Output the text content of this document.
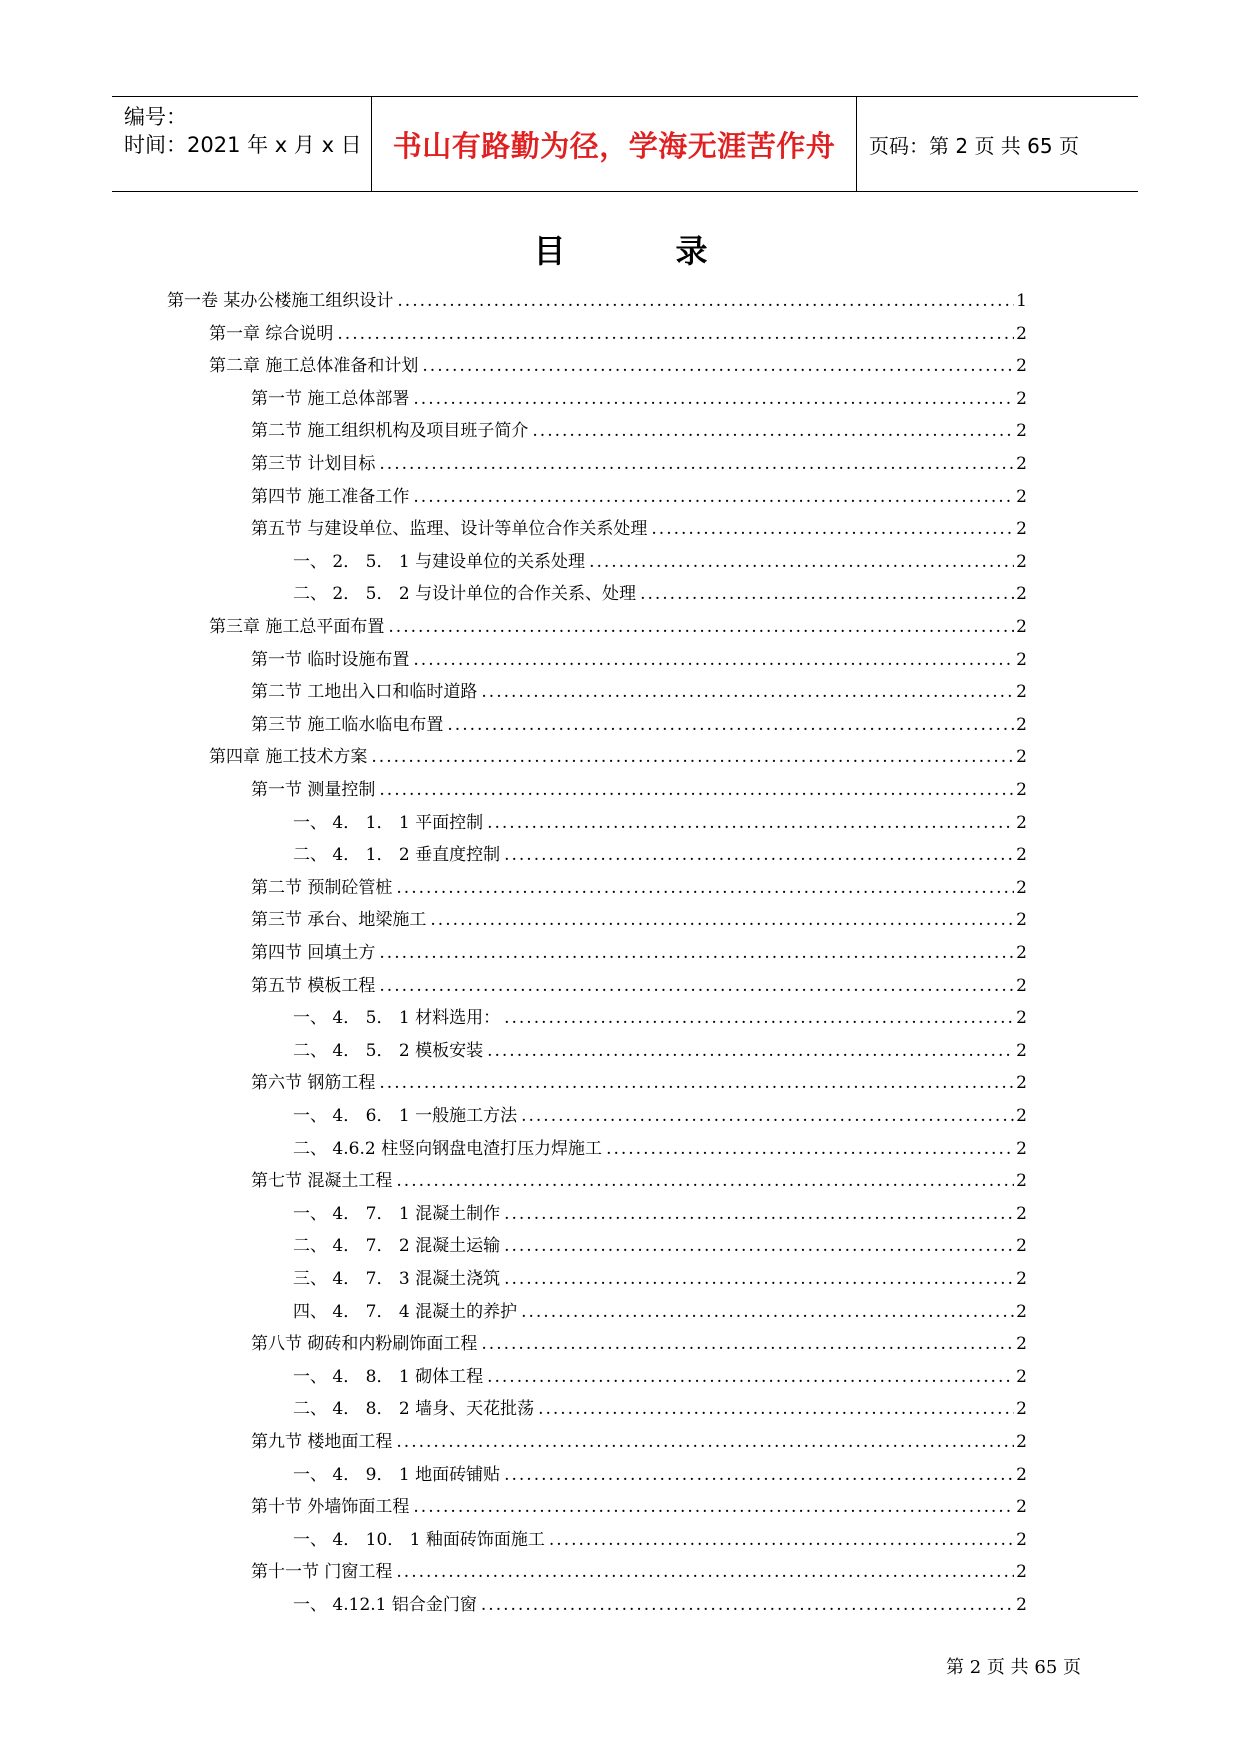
编号：
时间：2021 年 x 月 x 日 书山有路勤为径，学海无涯苦作舟 页码：第 2 页 共 65 页
目录
第一卷 某办公楼施工组织设计 .....	1
第一章 综合说明 .....	2
第二章 施工总体准备和计划 .....	2
第一节 施工总体部署 .....	2
第二节 施工组织机构及项目班子简介 .....	2
第三节 计划目标 .....	2
第四节 施工准备工作 .....	2
第五节 与建设单位、监理、设计等单位合作关系处理 .....	2
一、 2． 5． 1 与建设单位的关系处理 .....	2
二、 2． 5． 2 与设计单位的合作关系、处理 .....	2
第三章 施工总平面布置 .....	2
第一节 临时设施布置 .....	2
第二节 工地出入口和临时道路 .....	2
第三节 施工临水临电布置 .....	2
第四章 施工技术方案 .....	2
第一节 测量控制 .....	2
一、 4． 1． 1 平面控制 .....	2
二、 4． 1． 2 垂直度控制 .....	2
第二节 预制砼管桩 .....	2
第三节 承台、地梁施工 .....	2
第四节 回填土方 .....	2
第五节 模板工程 .....	2
一、 4． 5． 1 材料选用： .....	2
二、 4． 5． 2 模板安装 .....	2
第六节 钢筋工程 .....	2
一、 4． 6． 1 一般施工方法 .....	2
二、 4.6.2 柱竖向钢盘电渣打压力焊施工 .....	2
第七节 混凝土工程 .....	2
一、 4． 7． 1 混凝土制作 .....	2
二、 4． 7． 2 混凝土运输 .....	2
三、 4． 7． 3 混凝土浇筑 .....	2
四、 4． 7． 4 混凝土的养护 .....	2
第八节 砌砖和内粉刷饰面工程 .....	2
一、 4． 8． 1 砌体工程 .....	2
二、 4． 8． 2 墙身、天花批荡 .....	2
第九节 楼地面工程 .....	2
一、 4． 9． 1 地面砖铺贴 .....	2
第十节 外墙饰面工程 .....	2
一、 4． 10． 1 釉面砖饰面施工 .....	2
第十一节 门窗工程 .....	2
一、 4.12.1 铝合金门窗 .....	2
第 2 页 共 65 页
